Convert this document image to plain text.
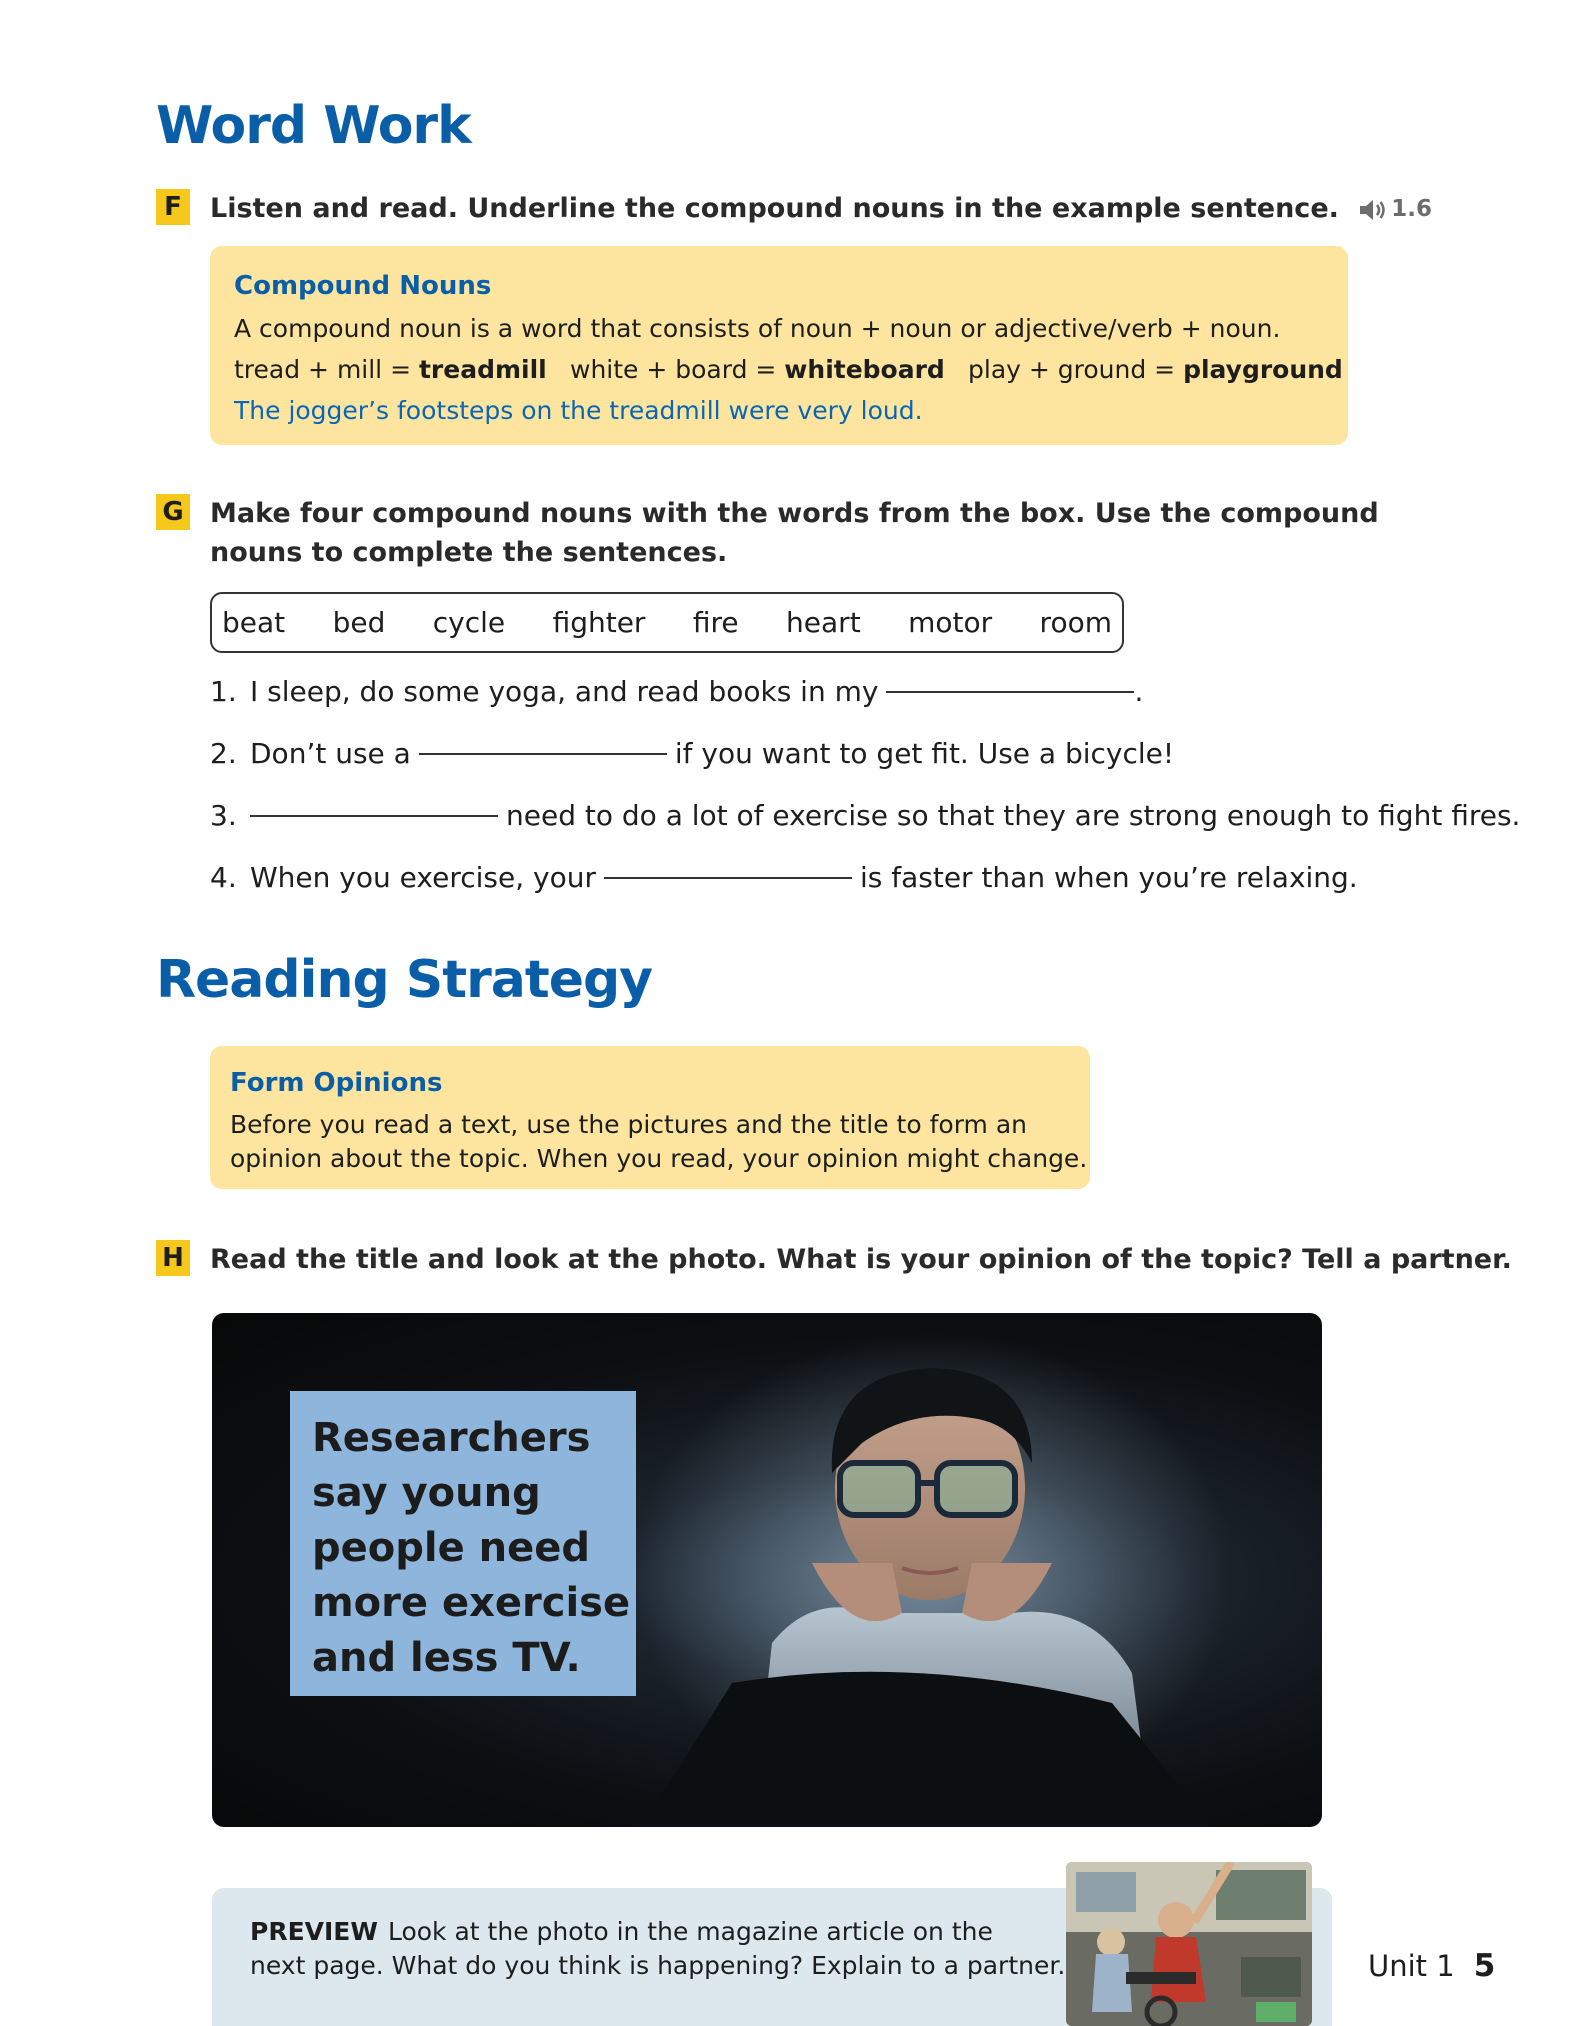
Word Work
F	Listen and read. Underline the compound nouns in the example sentence. 1.6
Compound Nouns
A compound noun is a word that consists of noun + noun or adjective/verb + noun.
tread + mill = treadmill white + board = whiteboard play + ground = playground
The jogger’s footsteps on the treadmill were very loud.
G Make four compound nouns with the words from the box. Use the compound nouns to complete the sentences.
beat bed cycle fighter fire heart motor room
1. I sleep, do some yoga, and read books in my	.
2. Don’t use a	if you want to get fit. Use a bicycle!
3.	need to do a lot of exercise so that they are strong enough to fight fires.
4. When you exercise, your	is faster than when you’re relaxing.
Reading Strategy
Form Opinions
Before you read a text, use the pictures and the title to form an
opinion about the topic. When you read, your opinion might change.
H Read the title and look at the photo. What is your opinion of the topic? Tell a partner.
Researchers
say young
people need
more exercise
and less TV.
PREVIEW Look at the photo in the magazine article on the
next page. What do you think is happening? Explain to a partner.	Unit 1 5
